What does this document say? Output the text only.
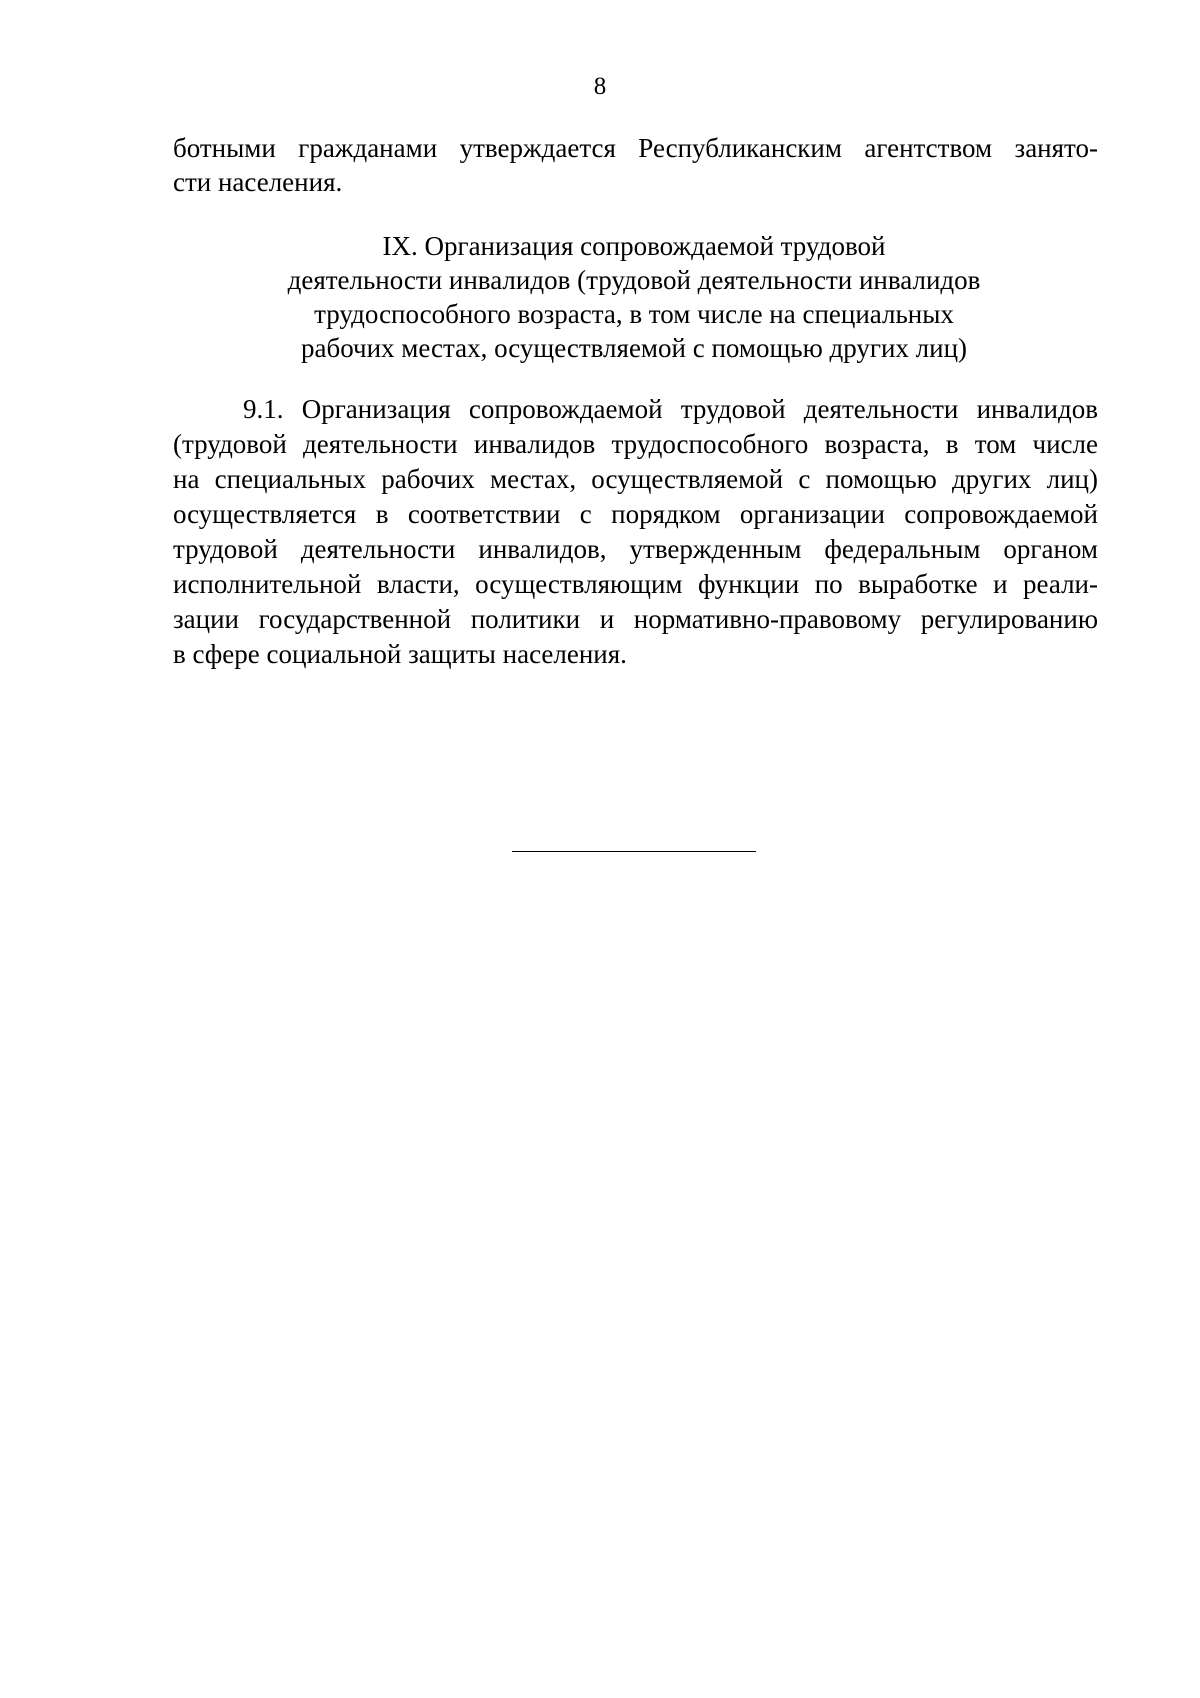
8
ботными гражданами утверждается Республиканским агентством занято-
сти населения.
IX. Организация сопровождаемой трудовой
деятельности инвалидов (трудовой деятельности инвалидов
трудоспособного возраста, в том числе на специальных
рабочих местах, осуществляемой с помощью других лиц)
9.1. Организация сопровождаемой трудовой деятельности инвалидов
(трудовой деятельности инвалидов трудоспособного возраста, в том числе
на специальных рабочих местах, осуществляемой с помощью других лиц)
осуществляется в соответствии с порядком организации сопровождаемой
трудовой деятельности инвалидов, утвержденным федеральным органом
исполнительной власти, осуществляющим функции по выработке и реали-
зации государственной политики и нормативно-правовому регулированию
в сфере социальной защиты населения.
